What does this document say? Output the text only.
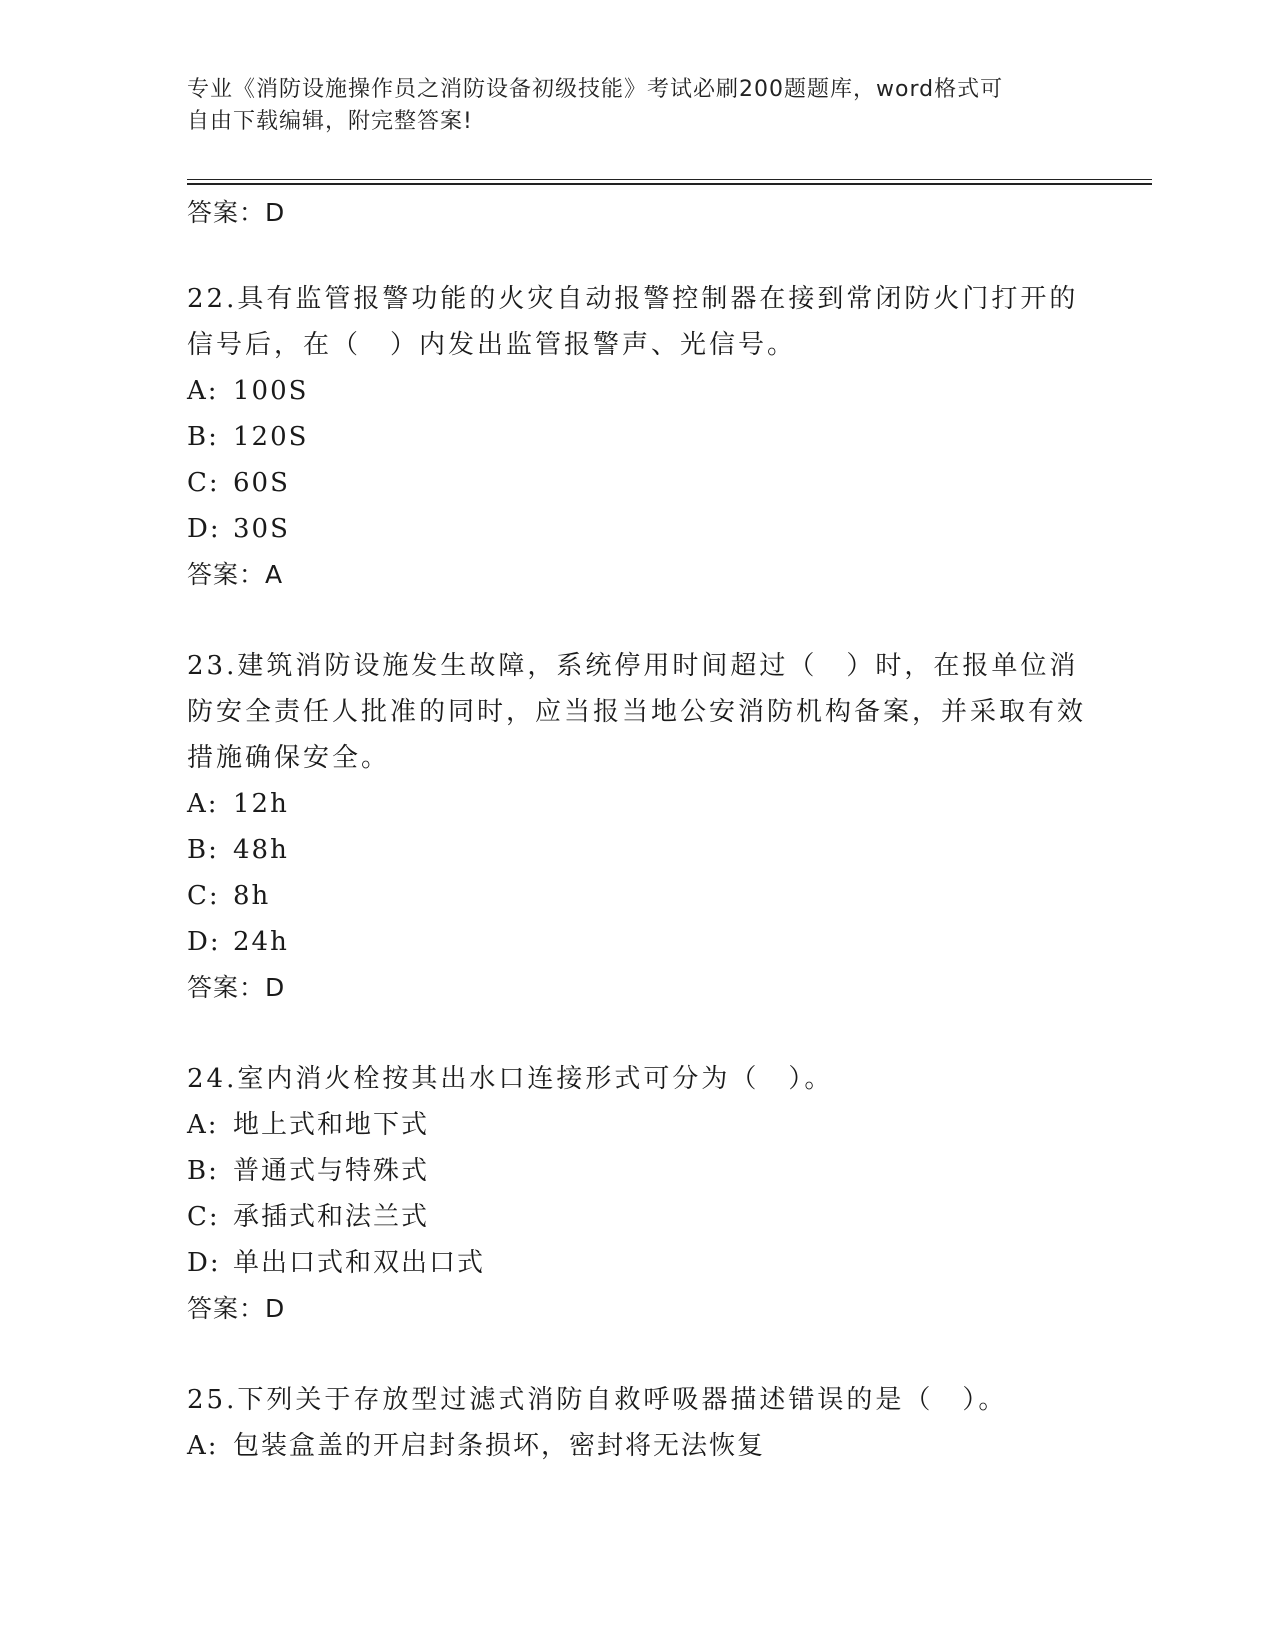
专业《消防设施操作员之消防设备初级技能》考试必刷200题题库，word格式可
自由下载编辑，附完整答案!
答案：D

22.具有监管报警功能的火灾自动报警控制器在接到常闭防火门打开的信号后，在（　）内发出监管报警声、光信号。

A: 100S
B: 120S
C: 60S
D: 30S
答案：A

23.建筑消防设施发生故障，系统停用时间超过（　）时，在报单位消防安全责任人批准的同时，应当报当地公安消防机构备案，并采取有效措施确保安全。

A: 12h
B: 48h
C: 8h
D: 24h
答案：D

24.室内消火栓按其出水口连接形式可分为（　）。

A: 地上式和地下式
B: 普通式与特殊式
C: 承插式和法兰式
D: 单出口式和双出口式
答案：D

25.下列关于存放型过滤式消防自救呼吸器描述错误的是（　）。

A: 包装盒盖的开启封条损坏，密封将无法恢复
